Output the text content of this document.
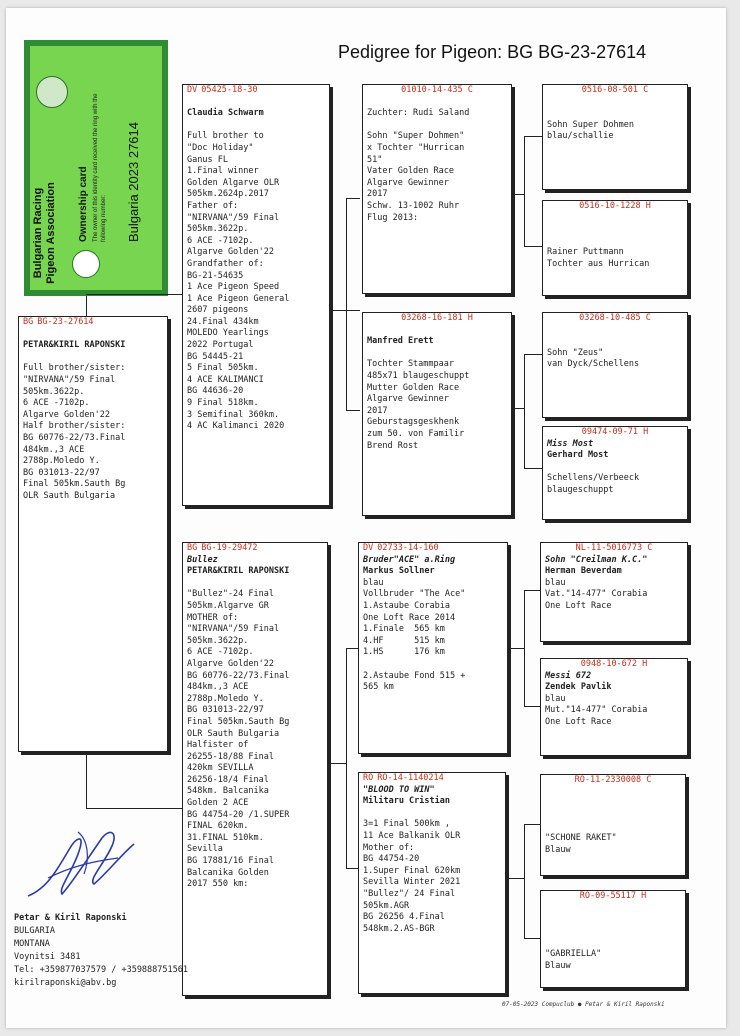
Pedigree for Pigeon: BG BG-23-27614
Bulgarian Racing Pigeon Association Ownership card The owner of this identity card received the ring with the following number: Bulgaria 2023 27614
BG BG-23-27614

PETAR&KIRIL RAPONSKI

Full brother/sister:
"NIRVANA"/59 Final
505km.3622p.
6 ACE -7102p.
Algarve Golden'22
Half brother/sister:
BG 60776-22/73.Final
484km.,3 ACE
2788p.Moledo Y.
BG 031013-22/97
Final 505km.Sauth Bg
OLR Sauth Bulgaria
DV 05425-18-30

Claudia Schwarm

Full brother to
"Doc Holiday"
Ganus FL
1.Final winner
Golden Algarve OLR
505km.2624p.2017
Father of:
"NIRVANA"/59 Final
505km.3622p.
6 ACE -7102p.
Algarve Golden'22
Grandfather of:
BG-21-54635
1 Ace Pigeon Speed
1 Ace Pigeon General
2607 pigeons
24.Final 434km
MOLEDO Yearlings
2022 Portugal
BG 54445-21
5 Final 505km.
4 ACE KALIMANCI
BG 44636-20
9 Final 518km.
3 Semifinal 360km.
4 AC Kalimanci 2020
BG BG-19-29472
Bullez
PETAR&KIRIL RAPONSKI

"Bullez"-24 Final
505km.Algarve GR
MOTHER of:
"NIRVANA"/59 Final
505km.3622p.
6 ACE -7102p.
Algarve Golden'22
BG 60776-22/73.Final
484km.,3 ACE
2788p.Moledo Y.
BG 031013-22/97
Final 505km.Sauth Bg
OLR Sauth Bulgaria
Halfister of
26255-18/88 Final
420km SEVILLA
26256-18/4 Final
548km. Balcanika
Golden 2 ACE
BG 44754-20 /1.SUPER
FINAL 620km.
31.FINAL 510km.
Sevilla
BG 17881/16 Final
Balcanika Golden
2017 550 km:
01010-14-435 C

Zuchter: Rudi Saland

Sohn "Super Dohmen"
x Tochter "Hurrican
51"
Vater Golden Race
Algarve Gewinner
2017
Schw. 13-1002 Ruhr
Flug 2013:
03268-16-181 H

Manfred Erett

Tochter Stammpaar
485x71 blaugeschuppt
Mutter Golden Race
Algarve Gewinner
2017
Geburstagsgeskhenk
zum 50. von Familir
Brend Rost
DV 02733-14-160
Bruder"ACE" a.Ring
Markus Sollner
blau
Vollbruder "The Ace"
1.Astaube Corabia
One Loft Race 2014
1.Finale  565 km
4.HF      515 km
1.HS      176 km

2.Astaube Fond 515 +
565 km
RO RO-14-1140214
"BLOOD TO WIN"
Militaru Cristian

3=1 Final 500km ,
11 Ace Balkanik OLR
Mother of:
BG 44754-20
1.Super Final 620km
Sevilla Winter 2021
"Bullez"/ 24 Final
505km.AGR
BG 26256 4.Final
548km.2.AS-BGR
0516-08-501 C

Sohn Super Dohmen
blau/schallie
0516-10-1228 H

Rainer Puttmann
Tochter aus Hurrican
03268-10-485 C

Sohn "Zeus"
van Dyck/Schellens
09474-09-71 H
Miss Most
Gerhard Most

Schellens/Verbeeck
blaugeschuppt
NL-11-5016773 C
Sohn "Creilman K.C."
Herman Beverdam
blau
Vat."14-477" Corabia
One Loft Race
0948-10-672 H
Messi 672
Zendek Pavlik
blau
Mut."14-477" Corabia
One Loft Race
RO-11-2330008 C

"SCHONE RAKET"
Blauw
RO-09-55117 H

"GABRIELLA"
Blauw
Petar & Kiril Raponski
BULGARIA
MONTANA
Voynitsi 3481
Tel: +359877037579 / +359888751561
kirilraponski@abv.bg
07-05-2023 Compuclub ● Petar & Kiril Raponski
